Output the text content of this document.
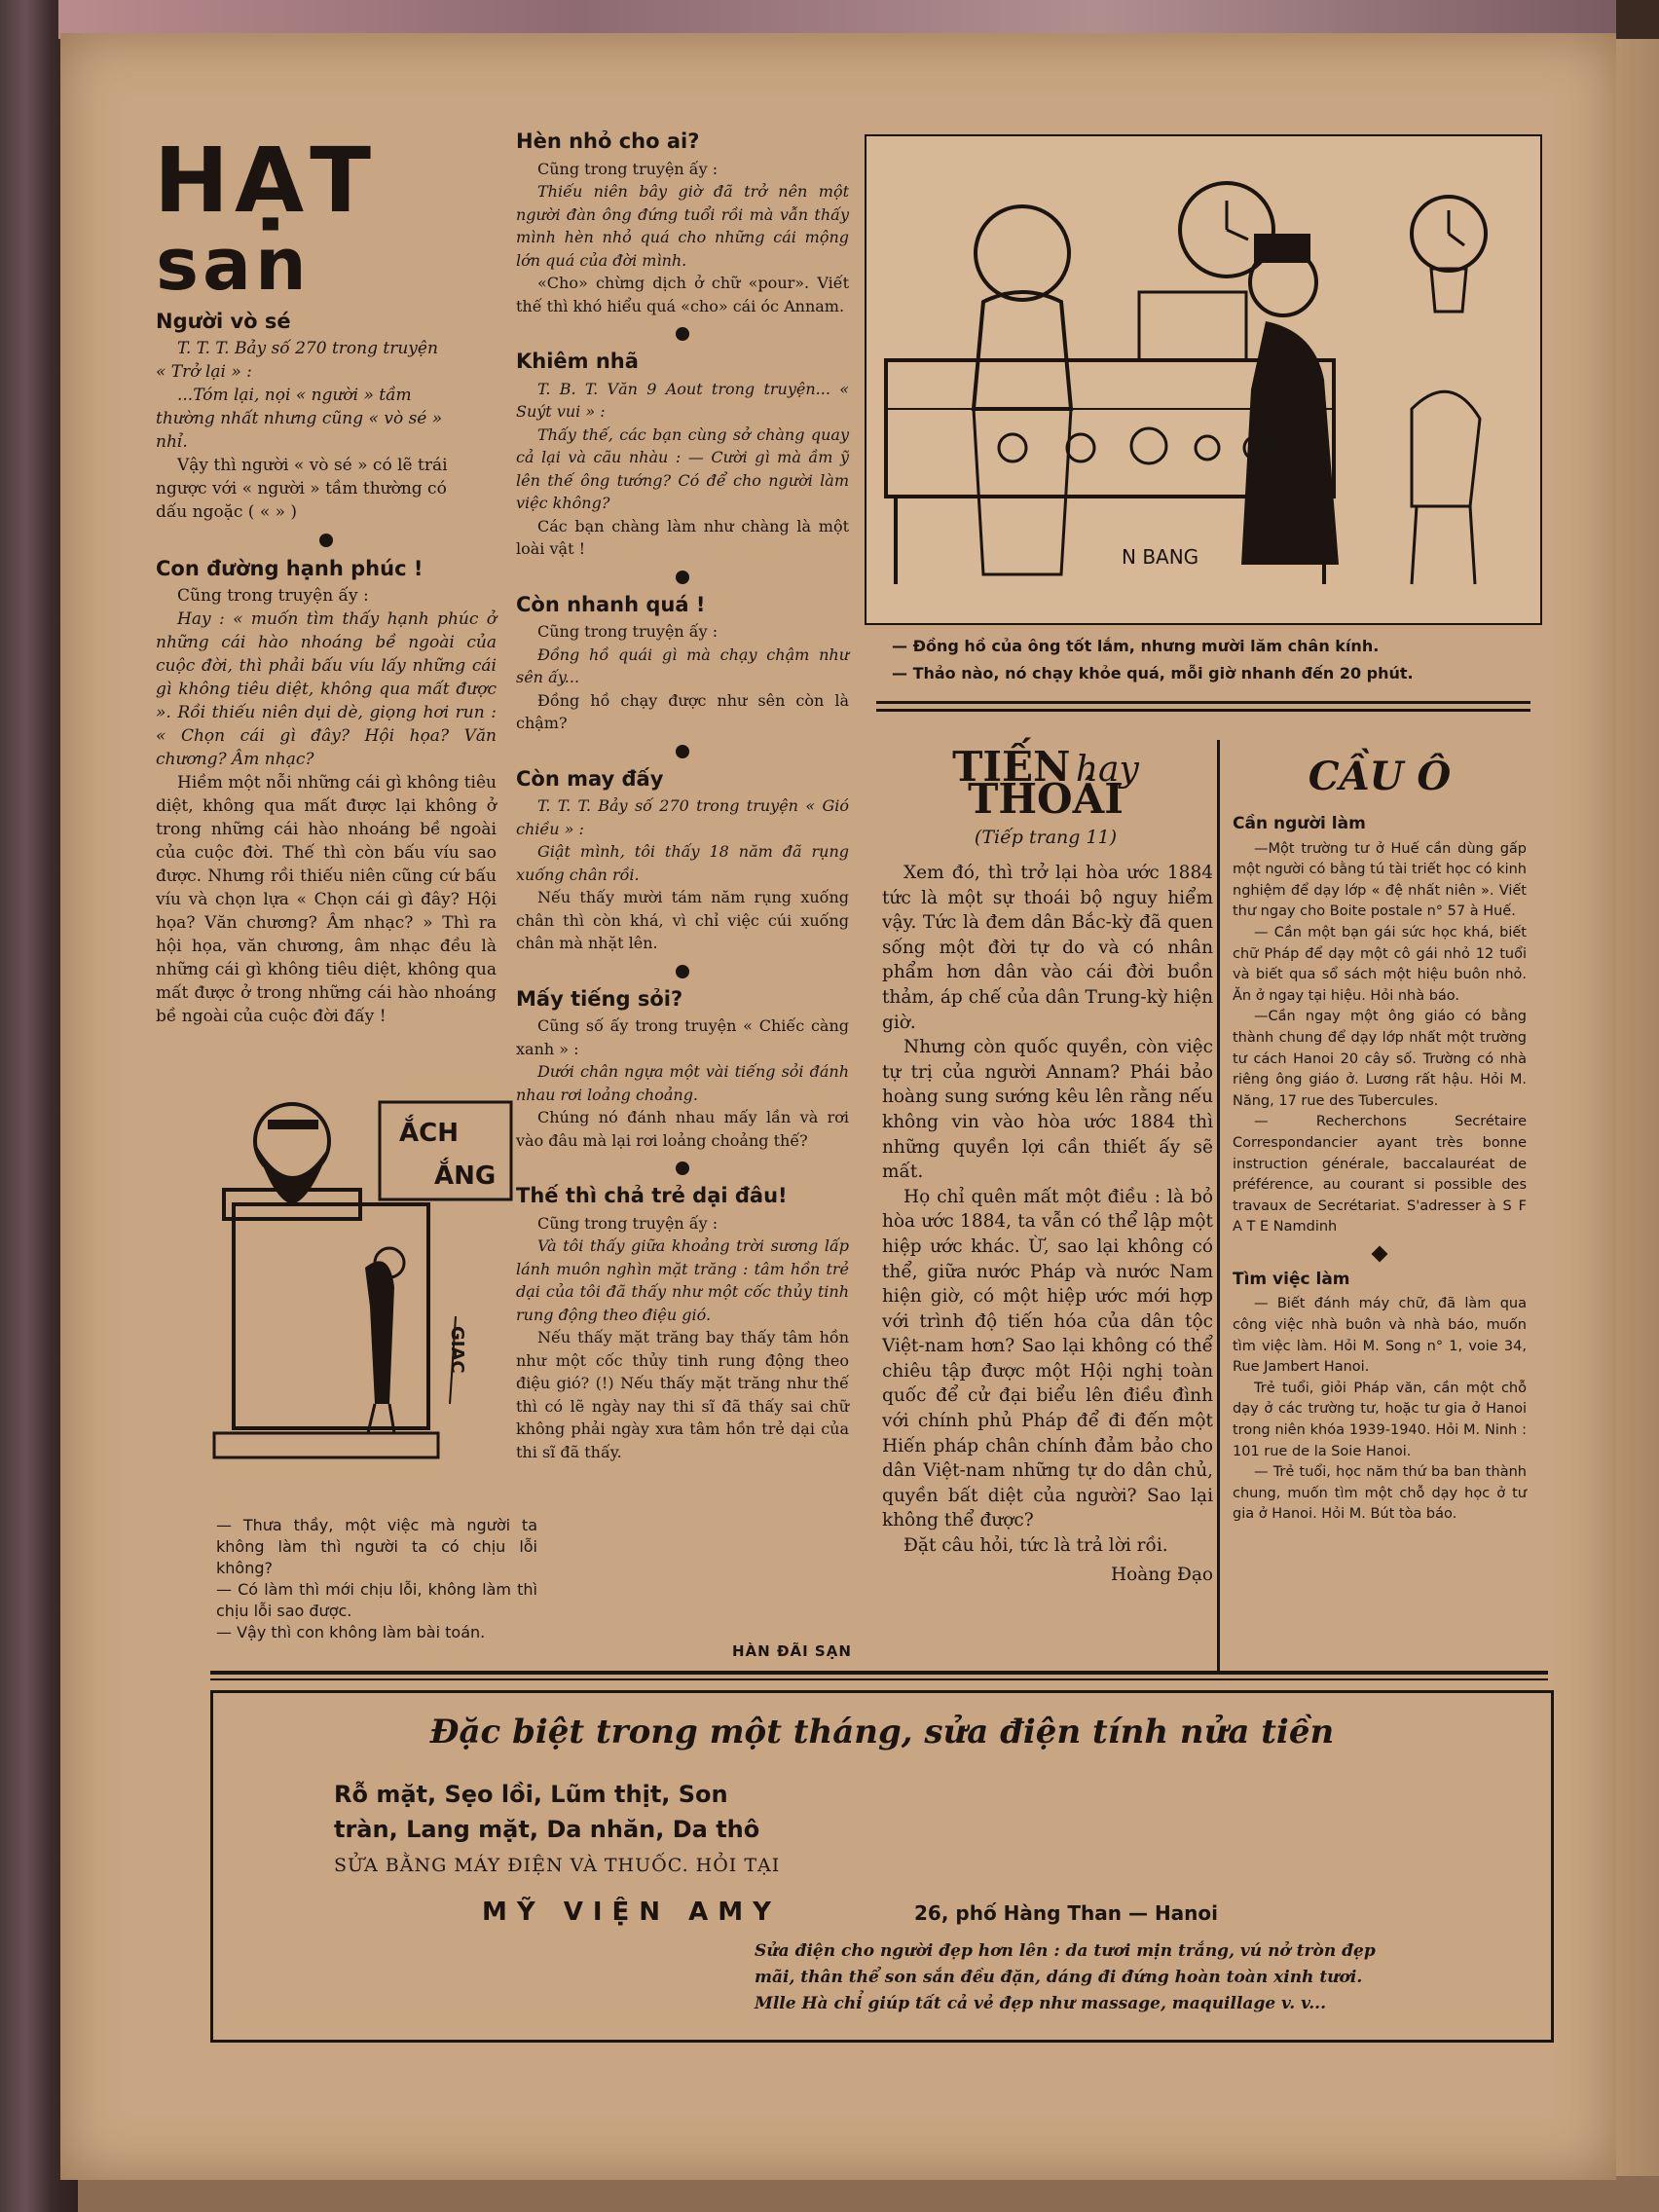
HẠT
san

Người vò sé

T. T. T. Bảy số 270 trong truyện

« Trở lại » :

...Tóm lại, nọi « người » tầm

thường nhất nhưng cũng « vò sé »

nhỉ.

Vậy thì người « vò sé » có lẽ trái

ngược với « người » tầm thường có

dấu ngoặc ( « » )

Con đường hạnh phúc !

Cũng trong truyện ấy :

Hay : « muốn tìm thấy hạnh phúc ở những cái hào nhoáng bề ngoài của cuộc đời, thì phải bấu víu lấy những cái gì không tiêu diệt, không qua mất được ». Rồi thiếu niên dụi dè, giọng hơi run : « Chọn cái gì đây? Hội họa? Văn chương? Âm nhạc?

Hiềm một nỗi những cái gì không tiêu diệt, không qua mất được lại không ở trong những cái hào nhoáng bề ngoài của cuộc đời. Thế thì còn bấu víu sao được. Nhưng rồi thiếu niên cũng cứ bấu víu và chọn lựa « Chọn cái gì đây? Hội họa? Văn chương? Âm nhạc? » Thì ra hội họa, văn chương, âm nhạc đều là những cái gì không tiêu diệt, không qua mất được ở trong những cái hào nhoáng bề ngoài của cuộc đời đấy !

ẮCH
ẮNG
GIAC

— Thưa thầy, một việc mà người ta không làm thì người ta có chịu lỗi không?

— Có làm thì mới chịu lỗi, không làm thì chịu lỗi sao được.

— Vậy thì con không làm bài toán.

Hèn nhỏ cho ai?

Cũng trong truyện ấy :

Thiếu niên bây giờ đã trở nên một người đàn ông đứng tuổi rồi mà vẫn thấy mình hèn nhỏ quá cho những cái mộng lớn quá của đời mình.

«Cho» chừng dịch ở chữ «pour». Viết thế thì khó hiểu quá «cho» cái óc Annam.

Khiêm nhã

T. B. T. Văn 9 Aout trong truyện... « Suýt vui » :

Thấy thế, các bạn cùng sở chàng quay cả lại và cãu nhàu : — Cười gì mà ầm ỹ lên thế ông tướng? Có để cho người làm việc không?

Các bạn chàng làm như chàng là một loài vật !

Còn nhanh quá !

Cũng trong truyện ấy :

Đồng hồ quái gì mà chạy chậm như sên ấy...

Đồng hồ chạy được như sên còn là chậm?

Còn may đấy

T. T. T. Bảy số 270 trong truyện « Gió chiều » :

Giật mình, tôi thấy 18 năm đã rụng xuống chân rồi.

Nếu thấy mười tám năm rụng xuống chân thì còn khá, vì chỉ việc cúi xuống chân mà nhặt lên.

Mấy tiếng sỏi?

Cũng số ấy trong truyện « Chiếc càng xanh » :

Dưới chân ngựa một vài tiếng sỏi đánh nhau rơi loảng choảng.

Chúng nó đánh nhau mấy lần và rơi vào đâu mà lại rơi loảng choảng thế?

Thế thì chả trẻ dại đâu!

Cũng trong truyện ấy :

Và tôi thấy giữa khoảng trời sương lấp lánh muôn nghìn mặt trăng : tâm hồn trẻ dại của tôi đã thấy như một cốc thủy tinh rung động theo điệu gió.

Nếu thấy mặt trăng bay thấy tâm hồn như một cốc thủy tinh rung động theo điệu gió? (!) Nếu thấy mặt trăng như thế thì có lẽ ngày nay thi sĩ đã thấy sai chữ không phải ngày xưa tâm hồn trẻ dại của thi sĩ đã thấy.

HÀN ĐÃI SẠN
N BANG

— Đồng hồ của ông tốt lắm, nhưng mười lăm chân kính.

— Thảo nào, nó chạy khỏe quá, mỗi giờ nhanh đến 20 phút.

TIẾN hay THOÁI
(Tiếp trang 11)

Xem đó, thì trở lại hòa ước 1884 tức là một sự thoái bộ nguy hiểm vậy. Tức là đem dân Bắc-kỳ đã quen sống một đời tự do và có nhân phẩm hơn dân vào cái đời buồn thảm, áp chế của dân Trung-kỳ hiện giờ.

Nhưng còn quốc quyền, còn việc tự trị của người Annam? Phái bảo hoàng sung sướng kêu lên rằng nếu không vin vào hòa ước 1884 thì những quyền lợi cần thiết ấy sẽ mất.

Họ chỉ quên mất một điều : là bỏ hòa ước 1884, ta vẫn có thể lập một hiệp ước khác. Ừ, sao lại không có thể, giữa nước Pháp và nước Nam hiện giờ, có một hiệp ước mới hợp với trình độ tiến hóa của dân tộc Việt-nam hơn? Sao lại không có thể chiêu tập được một Hội nghị toàn quốc để cử đại biểu lên điều đình với chính phủ Pháp để đi đến một Hiến pháp chân chính đảm bảo cho dân Việt-nam những tự do dân chủ, quyền bất diệt của người? Sao lại không thể được?

Đặt câu hỏi, tức là trả lời rồi.

Hoàng Đạo

CẦU Ô

Cần người làm

—Một trường tư ở Huế cần dùng gấp một người có bằng tú tài triết học có kinh nghiệm để dạy lớp « đệ nhất niên ». Viết thư ngay cho Boite postale n° 57 à Huế.

— Cần một bạn gái sức học khá, biết chữ Pháp để dạy một cô gái nhỏ 12 tuổi và biết qua sổ sách một hiệu buôn nhỏ. Ăn ở ngay tại hiệu. Hỏi nhà báo.

—Cần ngay một ông giáo có bằng thành chung để dạy lớp nhất một trường tư cách Hanoi 20 cây số. Trường có nhà riêng ông giáo ở. Lương rất hậu. Hỏi M. Năng, 17 rue des Tubercules.

— Recherchons Secrétaire Correspondancier ayant très bonne instruction générale, baccalauréat de préférence, au courant si possible des travaux de Secrétariat. S'adresser à S F A T E Namdinh

Tìm việc làm

— Biết đánh máy chữ, đã làm qua công việc nhà buôn và nhà báo, muốn tìm việc làm. Hỏi M. Song n° 1, voie 34, Rue Jambert Hanoi.

Trẻ tuổi, giỏi Pháp văn, cần một chỗ dạy ở các trường tư, hoặc tư gia ở Hanoi trong niên khóa 1939-1940. Hỏi M. Ninh : 101 rue de la Soie Hanoi.

— Trẻ tuổi, học năm thứ ba ban thành chung, muốn tìm một chỗ dạy học ở tư gia ở Hanoi. Hỏi M. Bút tòa báo.

Đặc biệt trong một tháng, sửa điện tính nửa tiền
Rỗ mặt, Sẹo lồi, Lũm thịt, Son
tràn, Lang mặt, Da nhăn, Da thô
SỬA BẰNG MÁY ĐIỆN VÀ THUỐC. HỎI TẠI
MỸ VIỆN AMY	26, phố Hàng Than — Hanoi
Sửa điện cho người đẹp hơn lên : da tươi mịn trắng, vú nở tròn đẹp
mãi, thân thể son sắn đều đặn, dáng đi đứng hoàn toàn xinh tươi.
Mlle Hà chỉ giúp tất cả vẻ đẹp như massage, maquillage v. v...
